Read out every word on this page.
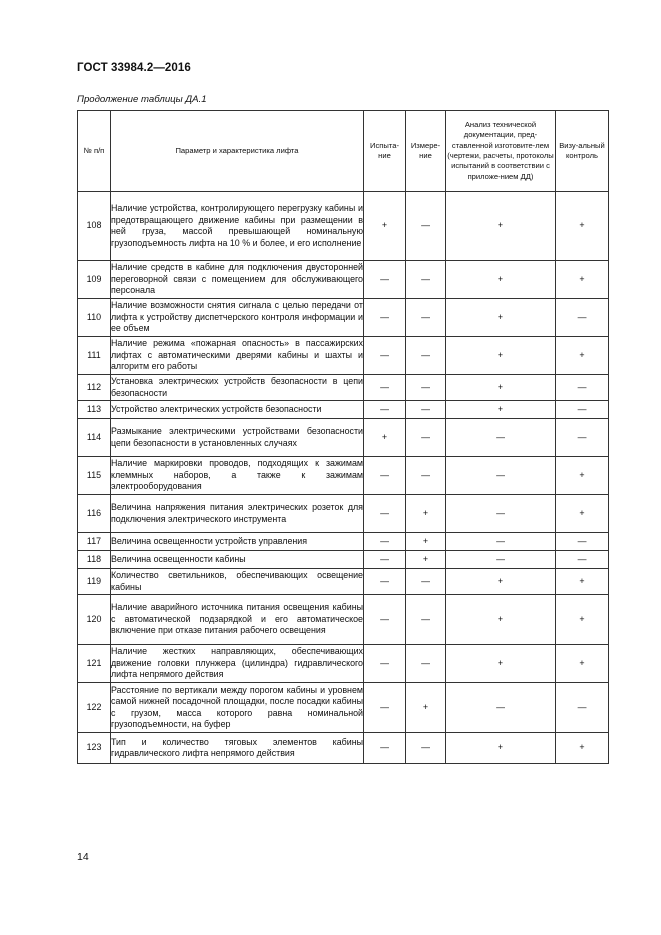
ГОСТ 33984.2—2016
Продолжение таблицы ДА.1
№ п/п	Параметр и характеристика лифта	Испыта-ние	Измере-ние	Анализ технической документации, пред-ставленной изготовите-лем (чертежи, расчеты, протоколы испытаний в соответствии с приложе-нием ДД)	Визу-альный контроль
108	Наличие устройства, контролирующего перегрузку кабины и предотвращающего движение кабины при размещении в ней груза, массой превышающей номинальную грузоподъемность лифта на 10 % и более, и его исполнение	+	—	+	+
109	Наличие средств в кабине для подключения двусторонней переговорной связи с помещением для обслуживающего персонала	—	—	+	+
110	Наличие возможности снятия сигнала с целью передачи от лифта к устройству диспетчерского контроля информации и ее объем	—	—	+	—
111	Наличие режима «пожарная опасность» в пассажирских лифтах с автоматическими дверями кабины и шахты и алгоритм его работы	—	—	+	+
112	Установка электрических устройств безопасности в цепи безопасности	—	—	+	—
113	Устройство электрических устройств безопасности	—	—	+	—
114	Размыкание электрическими устройствами безопасности цепи безопасности в установленных случаях	+	—	—	—
115	Наличие маркировки проводов, подходящих к зажимам клеммных наборов, а также к зажимам электрооборудования	—	—	—	+
116	Величина напряжения питания электрических розеток для подключения электрического инструмента	—	+	—	+
117	Величина освещенности устройств управления	—	+	—	—
118	Величина освещенности кабины	—	+	—	—
119	Количество светильников, обеспечивающих освещение кабины	—	—	+	+
120	Наличие аварийного источника питания освещения кабины с автоматической подзарядкой и его автоматическое включение при отказе питания рабочего освещения	—	—	+	+
121	Наличие жестких направляющих, обеспечивающих движение головки плунжера (цилиндра) гидравлического лифта непрямого действия	—	—	+	+
122	Расстояние по вертикали между порогом кабины и уровнем самой нижней посадочной площадки, после посадки кабины с грузом, масса которого равна номинальной грузоподъемности, на буфер	—	+	—	—
123	Тип и количество тяговых элементов кабины гидравлического лифта непрямого действия	—	—	+	+
14
